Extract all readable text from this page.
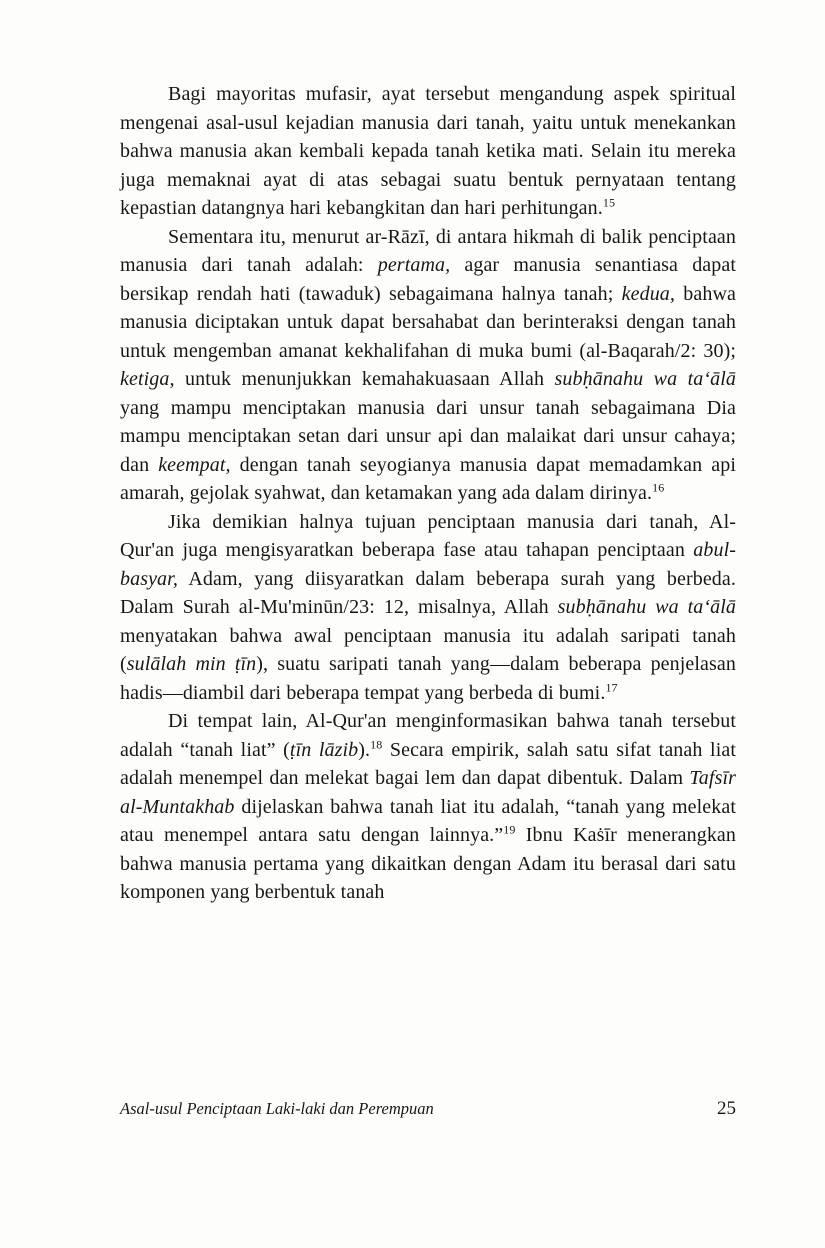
Bagi mayoritas mufasir, ayat tersebut mengandung aspek spiritual mengenai asal-usul kejadian manusia dari tanah, yaitu untuk menekankan bahwa manusia akan kembali kepada tanah ketika mati. Selain itu mereka juga memaknai ayat di atas sebagai suatu bentuk pernyataan tentang kepastian datangnya hari kebangkitan dan hari perhitungan.$^{15}$

Sementara itu, menurut ar-Rāzī, di antara hikmah di balik penciptaan manusia dari tanah adalah: pertama, agar manusia senantiasa dapat bersikap rendah hati (tawaduk) sebagaimana halnya tanah; kedua, bahwa manusia diciptakan untuk dapat bersahabat dan berinteraksi dengan tanah untuk mengemban amanat kekhalifahan di muka bumi (al-Baqarah/2: 30); ketiga, untuk menunjukkan kemahakuasaan Allah subḥānahu wa ta‘ālā yang mampu menciptakan manusia dari unsur tanah sebagaimana Dia mampu menciptakan setan dari unsur api dan malaikat dari unsur cahaya; dan keempat, dengan tanah seyogianya manusia dapat memadamkan api amarah, gejolak syahwat, dan ketamakan yang ada dalam dirinya.$^{16}$

Jika demikian halnya tujuan penciptaan manusia dari tanah, Al-Qur'an juga mengisyaratkan beberapa fase atau tahapan penciptaan abul-basyar, Adam, yang diisyaratkan dalam beberapa surah yang berbeda. Dalam Surah al-Mu'minūn/23: 12, misalnya, Allah subḥānahu wa ta‘ālā menyatakan bahwa awal penciptaan manusia itu adalah saripati tanah (sulālah min ṭīn), suatu saripati tanah yang—dalam beberapa penjelasan hadis—diambil dari beberapa tempat yang berbeda di bumi.$^{17}$

Di tempat lain, Al-Qur'an menginformasikan bahwa tanah tersebut adalah “tanah liat” (ṭīn lāzib).$^{18}$ Secara empirik, salah satu sifat tanah liat adalah menempel dan melekat bagai lem dan dapat dibentuk. Dalam Tafsīr al-Muntakhab dijelaskan bahwa tanah liat itu adalah, “tanah yang melekat atau menempel antara satu dengan lainnya.”$^{19}$ Ibnu Kaṡīr menerangkan bahwa manusia pertama yang dikaitkan dengan Adam itu berasal dari satu komponen yang berbentuk tanah

Asal-usul Penciptaan Laki-laki dan Perempuan	25
